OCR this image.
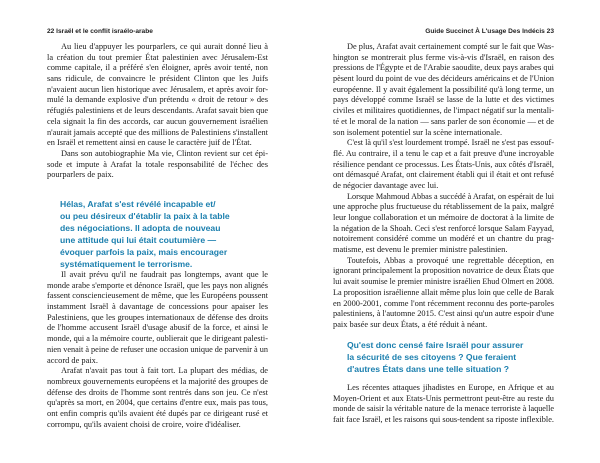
22 Israël et le conflit israélo-arabe	Guide Succinct À L'usage Des Indécis 23
Au lieu d'appuyer les pourparlers, ce qui aurait donné lieu à
la création du tout premier État palestinien avec Jérusalem-Est
comme capitale, il a préféré s'en éloigner, après avoir tenté, non
sans ridicule, de convaincre le président Clinton que les Juifs
n'avaient aucun lien historique avec Jérusalem, et après avoir for-
mulé la demande explosive d'un prétendu « droit de retour » des
réfugiés palestiniens et de leurs descendants. Arafat savait bien que
cela signait la fin des accords, car aucun gouvernement israélien
n'aurait jamais accepté que des millions de Palestiniens s'installent
en Israël et remettent ainsi en cause le caractère juif de l'État.
Dans son autobiographie Ma vie, Clinton revient sur cet épi-
sode et impute à Arafat la totale responsabilité de l'échec des
pourparlers de paix.
Hélas, Arafat s'est révélé incapable et/
ou peu désireux d'établir la paix à la table
des négociations. Il adopta de nouveau
une attitude qui lui était coutumière —
évoquer parfois la paix, mais encourager
systématiquement le terrorisme.
Il avait prévu qu'il ne faudrait pas longtemps, avant que le
monde arabe s'emporte et dénonce Israël, que les pays non alignés
fassent consciencieusement de même, que les Européens poussent
instamment Israël à davantage de concessions pour apaiser les
Palestiniens, que les groupes internationaux de défense des droits
de l'homme accusent Israël d'usage abusif de la force, et ainsi le
monde, qui a la mémoire courte, oublierait que le dirigeant palesti-
nien venait à peine de refuser une occasion unique de parvenir à un
accord de paix.
Arafat n'avait pas tout à fait tort. La plupart des médias, de
nombreux gouvernements européens et la majorité des groupes de
défense des droits de l'homme sont rentrés dans son jeu. Ce n'est
qu'après sa mort, en 2004, que certains d'entre eux, mais pas tous,
ont enfin compris qu'ils avaient été dupés par ce dirigeant rusé et
corrompu, qu'ils avaient choisi de croire, voire d'idéaliser.
De plus, Arafat avait certainement compté sur le fait que Was-
hington se montrerait plus ferme vis-à-vis d'Israël, en raison des
pressions de l'Égypte et de l'Arabie saoudite, deux pays arabes qui
pèsent lourd du point de vue des décideurs américains et de l'Union
européenne. Il y avait également la possibilité qu'à long terme, un
pays développé comme Israël se lasse de la lutte et des victimes
civiles et militaires quotidiennes, de l'impact négatif sur la mentali-
té et le moral de la nation — sans parler de son économie — et de
son isolement potentiel sur la scène internationale.
C'est là qu'il s'est lourdement trompé. Israël ne s'est pas essouf-
flé. Au contraire, il a tenu le cap et a fait preuve d'une incroyable
résilience pendant ce processus. Les États-Unis, aux côtés d'Israël,
ont démasqué Arafat, ont clairement établi qui il était et ont refusé
de négocier davantage avec lui.
Lorsque Mahmoud Abbas a succédé à Arafat, on espérait de lui
une approche plus fructueuse du rétablissement de la paix, malgré
leur longue collaboration et un mémoire de doctorat à la limite de
la négation de la Shoah. Ceci s'est renforcé lorsque Salam Fayyad,
notoirement considéré comme un modéré et un chantre du prag-
matisme, est devenu le premier ministre palestinien.
Toutefois, Abbas a provoqué une regrettable déception, en
ignorant principalement la proposition novatrice de deux États que
lui avait soumise le premier ministre israélien Ehud Olmert en 2008.
La proposition israélienne allait même plus loin que celle de Barak
en 2000-2001, comme l'ont récemment reconnu des porte-paroles
palestiniens, à l'automne 2015. C'est ainsi qu'un autre espoir d'une
paix basée sur deux États, a été réduit à néant.
Qu'est donc censé faire Israël pour assurer
la sécurité de ses citoyens ? Que feraient
d'autres États dans une telle situation ?
Les récentes attaques jihadistes en Europe, en Afrique et au
Moyen-Orient et aux Etats-Unis permettront peut-être au reste du
monde de saisir la véritable nature de la menace terroriste à laquelle
fait face Israël, et les raisons qui sous-tendent sa riposte inflexible.
